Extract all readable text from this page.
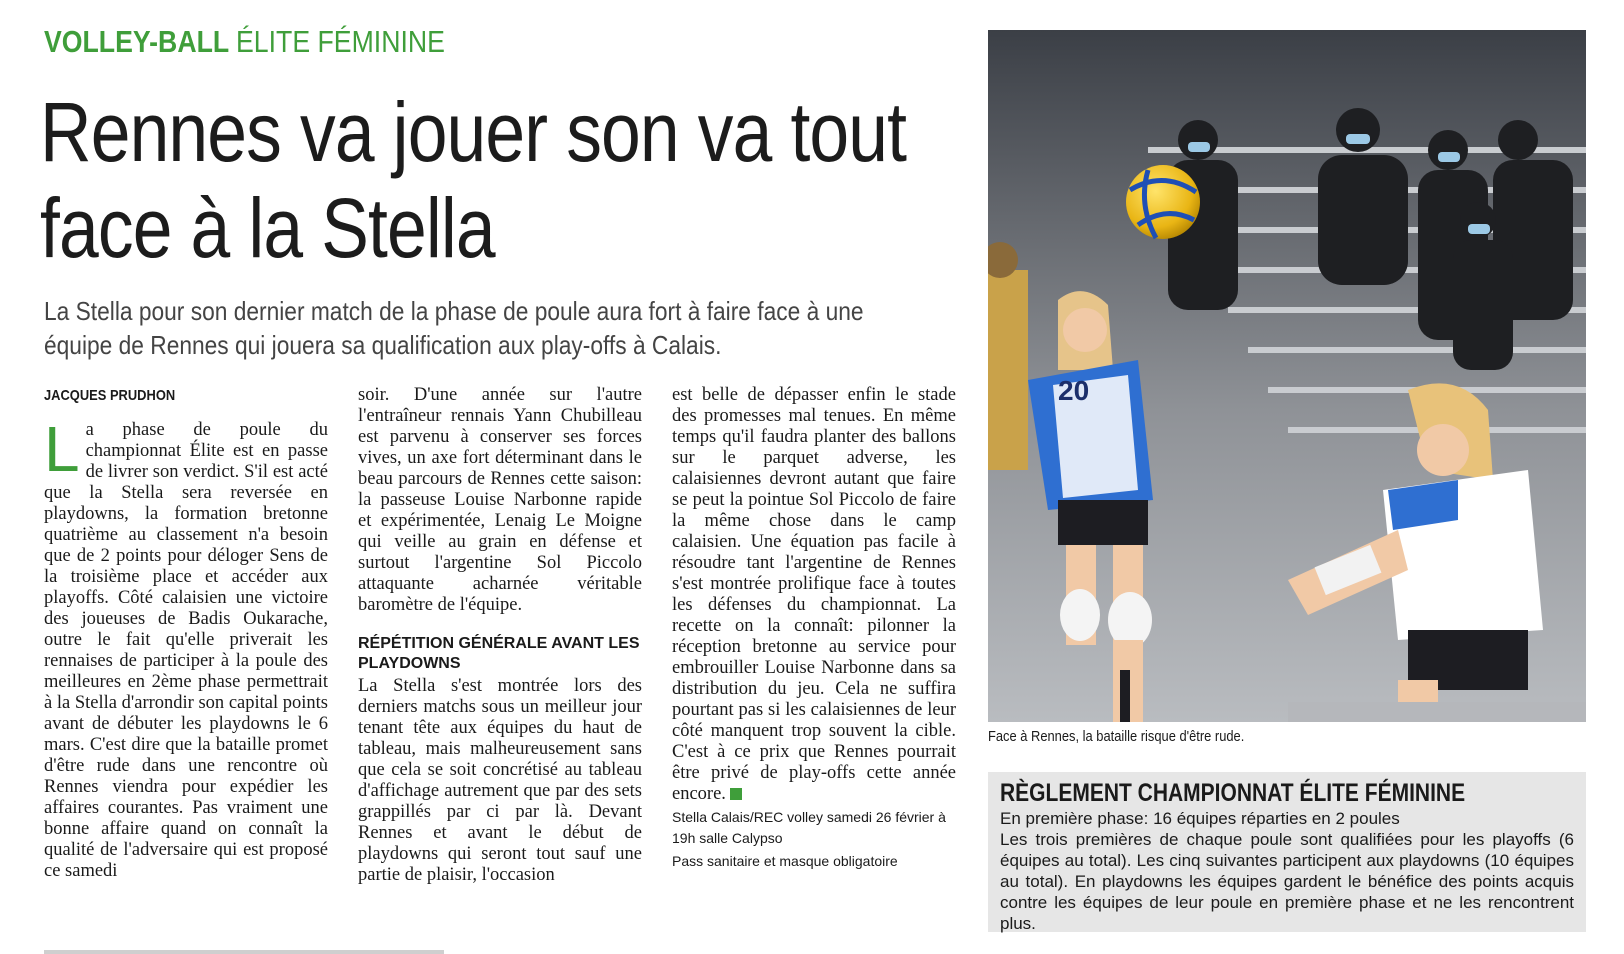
VOLLEY-BALL ÉLITE FÉMININE
Rennes va jouer son va tout face à la Stella

La Stella pour son dernier match de la phase de poule aura fort à faire face à une équipe de Rennes qui jouera sa qualification aux play-offs à Calais.

JACQUES PRUDHON
L a phase de poule du championnat Élite est en passe de livrer son verdict. S'il est acté que la Stella sera reversée en playdowns, la formation bretonne quatrième au classement n'a besoin que de 2 points pour déloger Sens de la troisième place et accéder aux playoffs. Côté calaisien une victoire des joueuses de Badis Oukarache, outre le fait qu'elle priverait les rennaises de participer à la poule des meilleures en 2ème phase permettrait à la Stella d'arrondir son capital points avant de débuter les playdowns le 6 mars. C'est dire que la bataille promet d'être rude dans une rencontre où Rennes viendra pour expédier les affaires courantes. Pas vraiment une bonne affaire quand on connaît la qualité de l'adversaire qui est proposé ce samedi

soir. D'une année sur l'autre l'entraîneur rennais Yann Chubilleau est parvenu à conserver ses forces vives, un axe fort déterminant dans le beau parcours de Rennes cette saison: la passeuse Louise Narbonne rapide et expérimentée, Lenaig Le Moigne qui veille au grain en défense et surtout l'argentine Sol Piccolo attaquante acharnée véritable baromètre de l'équipe.

RÉPÉTITION GÉNÉRALE AVANT LES PLAYDOWNS

La Stella s'est montrée lors des derniers matchs sous un meilleur jour tenant tête aux équipes du haut de tableau, mais malheureusement sans que cela se soit concrétisé au tableau d'affichage autrement que par des sets grappillés par ci par là. Devant Rennes et avant le début de playdowns qui seront tout sauf une partie de plaisir, l'occasion

est belle de dépasser enfin le stade des promesses mal tenues. En même temps qu'il faudra planter des ballons sur le parquet adverse, les calaisiennes devront autant que faire se peut la pointue Sol Piccolo de faire la même chose dans le camp calaisien. Une équation pas facile à résoudre tant l'argentine de Rennes s'est montrée prolifique face à toutes les défenses du championnat. La recette on la connaît: pilonner la réception bretonne au service pour embrouiller Louise Narbonne dans sa distribution du jeu. Cela ne suffira pourtant pas si les calaisiennes de leur côté manquent trop souvent la cible. C'est à ce prix que Rennes pourrait être privé de play-offs cette année encore.

Stella Calais/REC volley samedi 26 février à 19h salle Calypso
Pass sanitaire et masque obligatoire
20
Face à Rennes, la bataille risque d'être rude.
RÈGLEMENT CHAMPIONNAT ÉLITE FÉMININE

En première phase: 16 équipes réparties en 2 poules

Les trois premières de chaque poule sont qualifiées pour les playoffs (6 équipes au total). Les cinq suivantes participent aux playdowns (10 équipes au total). En playdowns les équipes gardent le bénéfice des points acquis contre les équipes de leur poule en première phase et ne les rencontrent plus.
